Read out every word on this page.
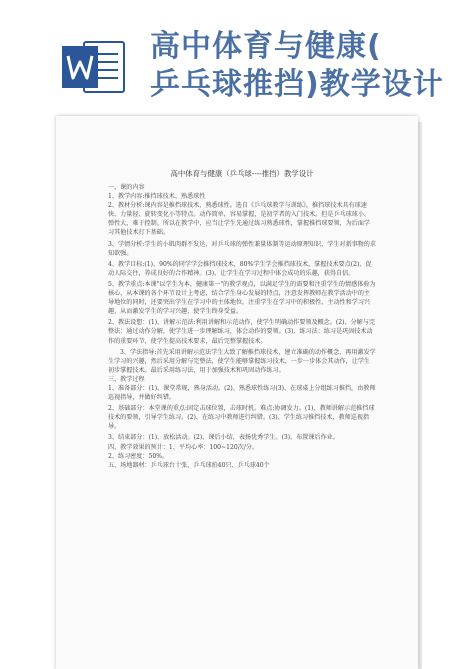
高中体育与健康(
乒乓球推挡)教学设计
高中体育与健康（乒乓球----推挡）教学设计

一、课的内容

1、教学内容:推挡球技术、熟悉球性

2、教材分析:课内容是推挡球技术、熟悉球性。选自《乒乓球教学与训练》，推挡球技术具有球速快、力量轻、旋转变化小等特点。动作简单，容易掌握，是初学者的入门技术。但是乒乓球球小、弹性大，难于控制。所以在教学中，应当让学生先通过练习熟悉球性，掌握推挡球要领，为后面学习其他技术打下基础。

3、学情分析:学生的小肌肉群不发达，对乒乓球的弹性兼量体制等运动原理知识，学生对新事物的求知欲强。

4、教学目标:(1)、90%的同学学会推挡球技术，80%学生学会推挡球技术，掌握技术要点(2)、促动人际交往，养成良好的合作精神。(3)、让学生在学习过程中体会成功的乐趣，获得自信。

5、教学重点:本课"以学生为本，健康第一"的教学观点，以满足学生的需要和注重学生的情感体验为核心，从本课的各个环节设计上考虑，结合学生身心发展的特点，注意发挥教师在教学活动中的主导地位的同时，还要突出学生在学习中的主体地位，注重学生在学习中的积极性、主动性和学习兴趣，从而激发学生的学习兴趣，使学生终身受益。

2、教法设想：(1)、讲解示范法:利用讲解和示范动作，使学生明确动作要领及概念。(2)、分解与完整法：通过动作分解，使学生进一步理解练习，体会动作的要领。(3)、练习法：练习是巩固技术动作的重要环节，使学生提高技术要求，最后完整掌握技术。

3、学法指导:首先采用讲解示范法学生大致了解推挡球技术，建立准确的动作概念，再用激发学生学习的兴趣，然后采用分解与完整法，使学生能够掌握练习技术，一步一步体会其动作，让学生初步掌握技术。最后采用练习法，用于加强技术和巩固动作练习。

三、教学过程

1、准备部分：(1)、课堂常规，熟身活动。(2)、熟悉球性练习(3)、在球桌上分组练习推挡，由教师巡视指导，并做好纠错。

2、基础部分：本堂课的重点:固定击球位置，击球时机。难点:协调发力。(1)、教师讲解示范推挡球技术的要领，引导学生练习。(2)、在练习中教师进行纠错。(3)、学生练习推挡技术，教师巡视指导。

3、结束部分：(1)、放松活动。(2)、课后小结，表扬优秀学生。(3)、布置课后作业。

四、教学效果的预计：1、平均心率：100~120次/分。

2、练习密度：50%。

五、场地器材：乒乓球台十张、乒乓球拍40只、乒乓球40个
